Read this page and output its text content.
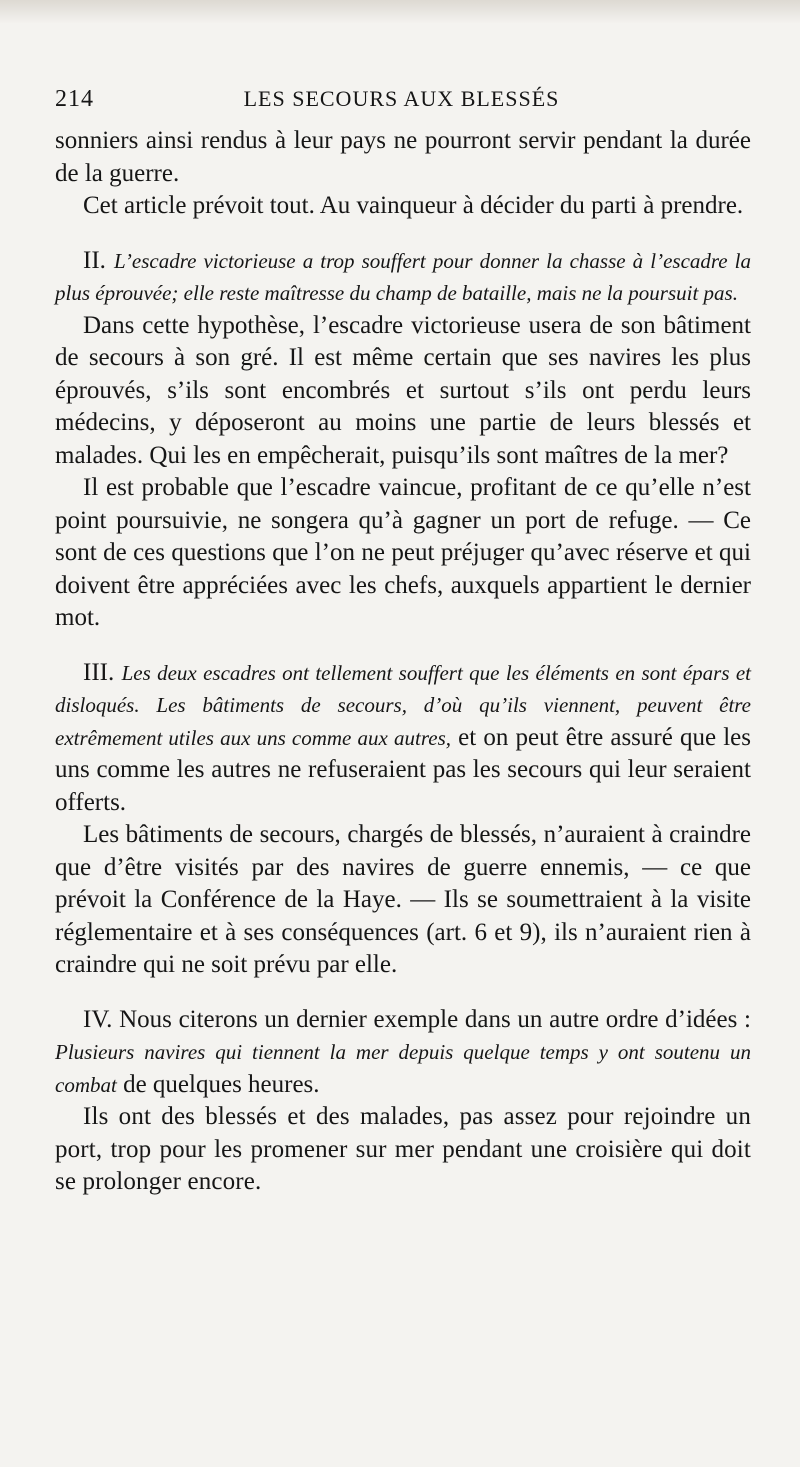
214	LES SECOURS AUX BLESSÉS

sonniers ainsi rendus à leur pays ne pourront servir pendant la durée de la guerre.

Cet article prévoit tout. Au vainqueur à décider du parti à prendre.

II. L’escadre victorieuse a trop souffert pour donner la chasse à l’escadre la plus éprouvée; elle reste maîtresse du champ de bataille, mais ne la poursuit pas.

Dans cette hypothèse, l’escadre victorieuse usera de son bâtiment de secours à son gré. Il est même certain que ses navires les plus éprouvés, s’ils sont encombrés et surtout s’ils ont perdu leurs médecins, y déposeront au moins une partie de leurs blessés et malades. Qui les en empêcherait, puisqu’ils sont maîtres de la mer?

Il est probable que l’escadre vaincue, profitant de ce qu’elle n’est point poursuivie, ne songera qu’à gagner un port de refuge. — Ce sont de ces questions que l’on ne peut préjuger qu’avec réserve et qui doivent être appréciées avec les chefs, auxquels appartient le dernier mot.

III. Les deux escadres ont tellement souffert que les éléments en sont épars et disloqués. Les bâtiments de secours, d’où qu’ils viennent, peuvent être extrêmement utiles aux uns comme aux autres, et on peut être assuré que les uns comme les autres ne refuseraient pas les secours qui leur seraient offerts.

Les bâtiments de secours, chargés de blessés, n’auraient à craindre que d’être visités par des navires de guerre ennemis, — ce que prévoit la Conférence de la Haye. — Ils se soumettraient à la visite réglementaire et à ses conséquences (art. 6 et 9), ils n’auraient rien à craindre qui ne soit prévu par elle.

IV. Nous citerons un dernier exemple dans un autre ordre d’idées : Plusieurs navires qui tiennent la mer depuis quelque temps y ont soutenu un combat de quelques heures.

Ils ont des blessés et des malades, pas assez pour rejoindre un port, trop pour les promener sur mer pendant une croisière qui doit se prolonger encore.
